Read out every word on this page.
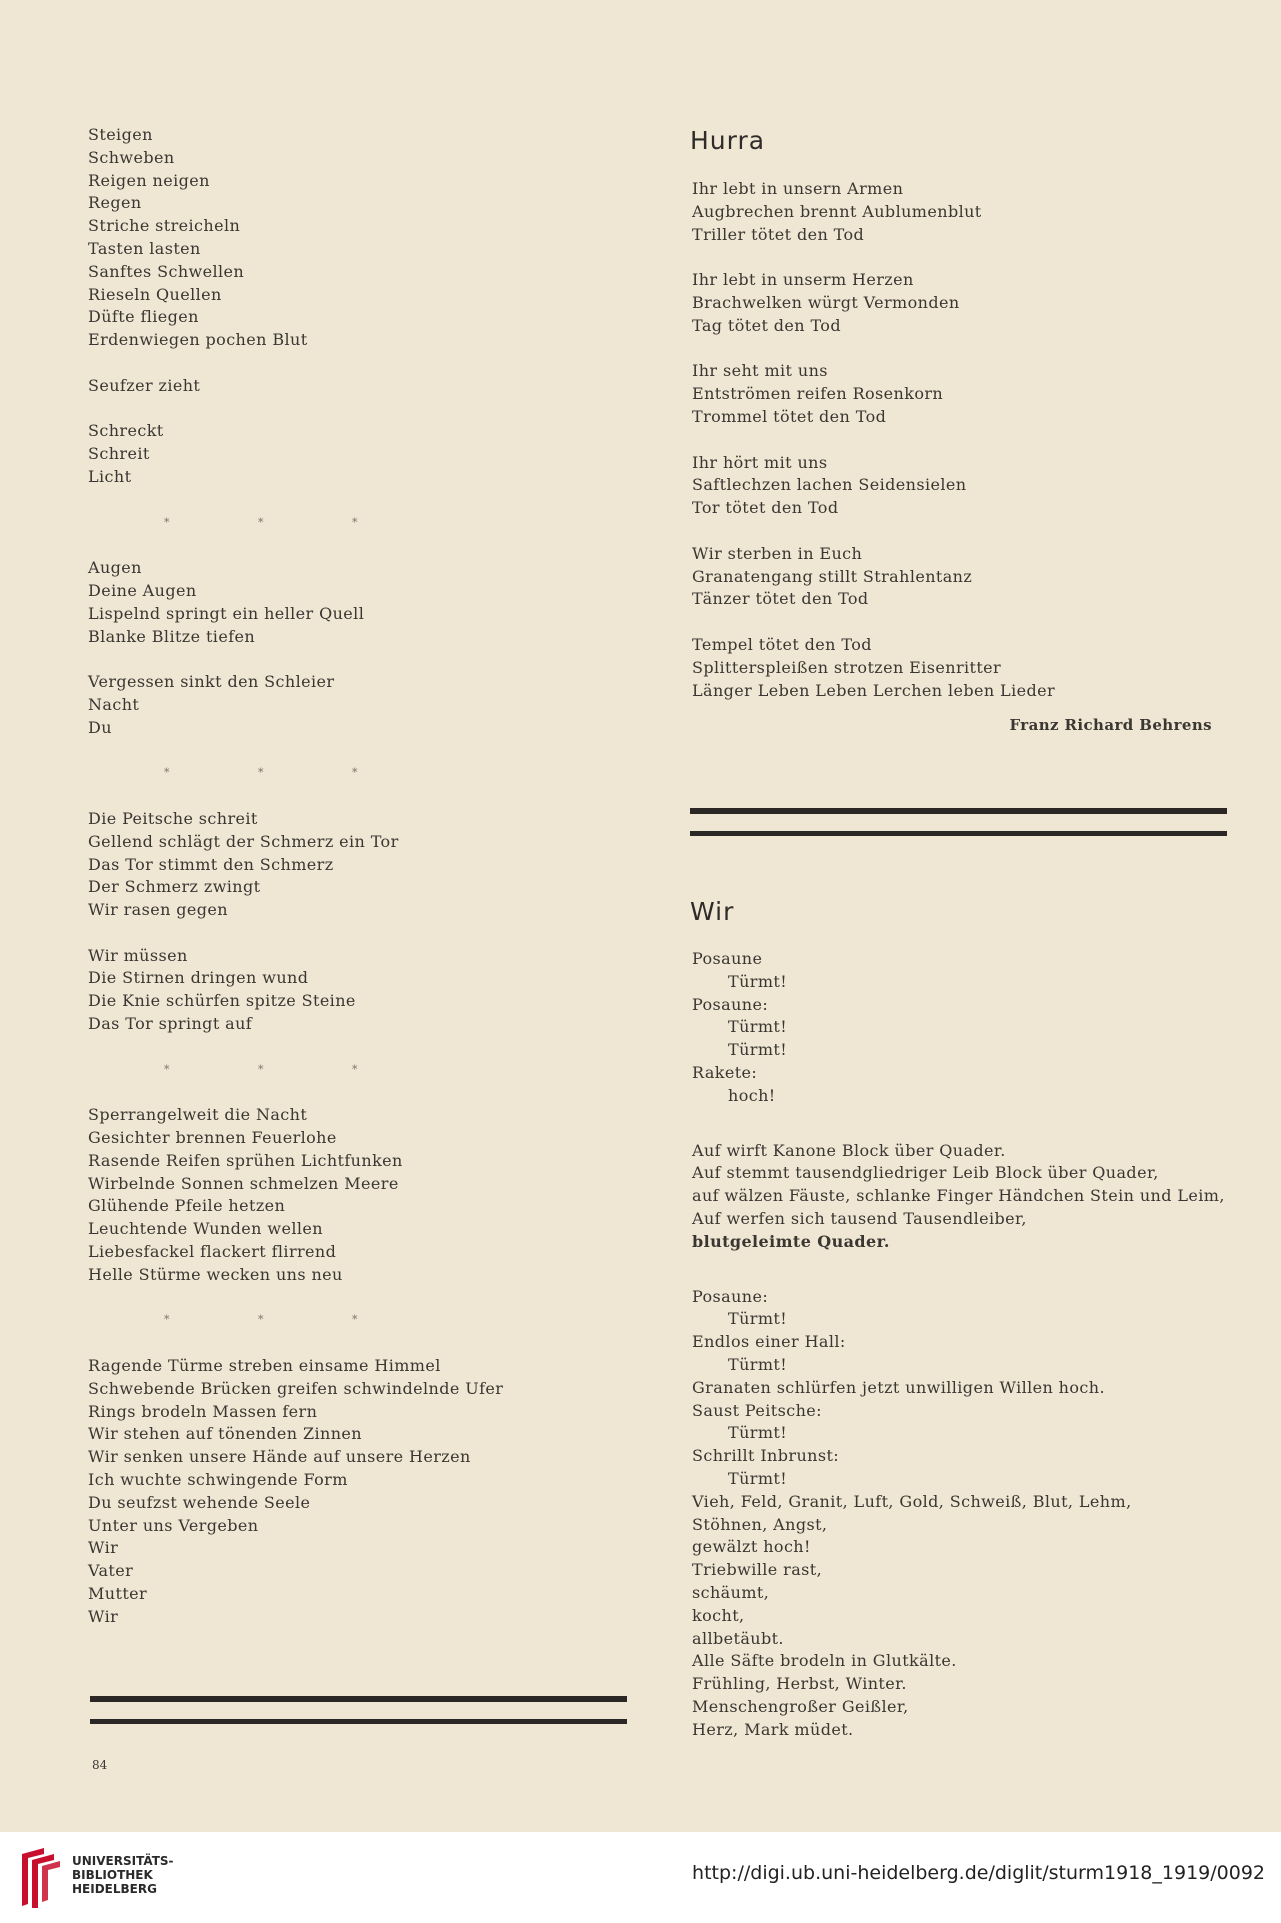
Steigen
Schweben
Reigen neigen
Regen
Striche streicheln
Tasten lasten
Sanftes Schwellen
Rieseln Quellen
Düfte fliegen
Erdenwiegen pochen Blut
Seufzer zieht
Schreckt
Schreit
Licht
*	*	*
Augen
Deine Augen
Lispelnd springt ein heller Quell
Blanke Blitze tiefen
Vergessen sinkt den Schleier
Nacht
Du
*	*	*
Die Peitsche schreit
Gellend schlägt der Schmerz ein Tor
Das Tor stimmt den Schmerz
Der Schmerz zwingt
Wir rasen gegen
Wir müssen
Die Stirnen dringen wund
Die Knie schürfen spitze Steine
Das Tor springt auf
*	*	*
Sperrangelweit die Nacht
Gesichter brennen Feuerlohe
Rasende Reifen sprühen Lichtfunken
Wirbelnde Sonnen schmelzen Meere
Glühende Pfeile hetzen
Leuchtende Wunden wellen
Liebesfackel flackert flirrend
Helle Stürme wecken uns neu
*	*	*
Ragende Türme streben einsame Himmel
Schwebende Brücken greifen schwindelnde Ufer
Rings brodeln Massen fern
Wir stehen auf tönenden Zinnen
Wir senken unsere Hände auf unsere Herzen
Ich wuchte schwingende Form
Du seufzst wehende Seele
Unter uns Vergeben
Wir
Vater
Mutter
Wir
84
Hurra
Ihr lebt in unsern Armen
Augbrechen brennt Aublumenblut
Triller tötet den Tod
Ihr lebt in unserm Herzen
Brachwelken würgt Vermonden
Tag tötet den Tod
Ihr seht mit uns
Entströmen reifen Rosenkorn
Trommel tötet den Tod
Ihr hört mit uns
Saftlechzen lachen Seidensielen
Tor tötet den Tod
Wir sterben in Euch
Granatengang stillt Strahlentanz
Tänzer tötet den Tod
Tempel tötet den Tod
Splitterspleißen strotzen Eisenritter
Länger Leben Leben Lerchen leben Lieder
Franz Richard Behrens
Wir
Posaune
Türmt!
Posaune:
Türmt!
Türmt!
Rakete:
hoch!
Auf wirft Kanone Block über Quader.
Auf stemmt tausendgliedriger Leib Block über Quader,
auf wälzen Fäuste, schlanke Finger Händchen Stein und Leim,
Auf werfen sich tausend Tausendleiber,
blutgeleimte Quader.
Posaune:
Türmt!
Endlos einer Hall:
Türmt!
Granaten schlürfen jetzt unwilligen Willen hoch.
Saust Peitsche:
Türmt!
Schrillt Inbrunst:
Türmt!
Vieh, Feld, Granit, Luft, Gold, Schweiß, Blut, Lehm,
Stöhnen, Angst,
gewälzt hoch!
Triebwille rast,
schäumt,
kocht,
allbetäubt.
Alle Säfte brodeln in Glutkälte.
Frühling, Herbst, Winter.
Menschengroßer Geißler,
Herz, Mark müdet.
UNIVERSITÄTS-
BIBLIOTHEK
HEIDELBERG
http://digi.ub.uni-heidelberg.de/diglit/sturm1918_1919/0092
